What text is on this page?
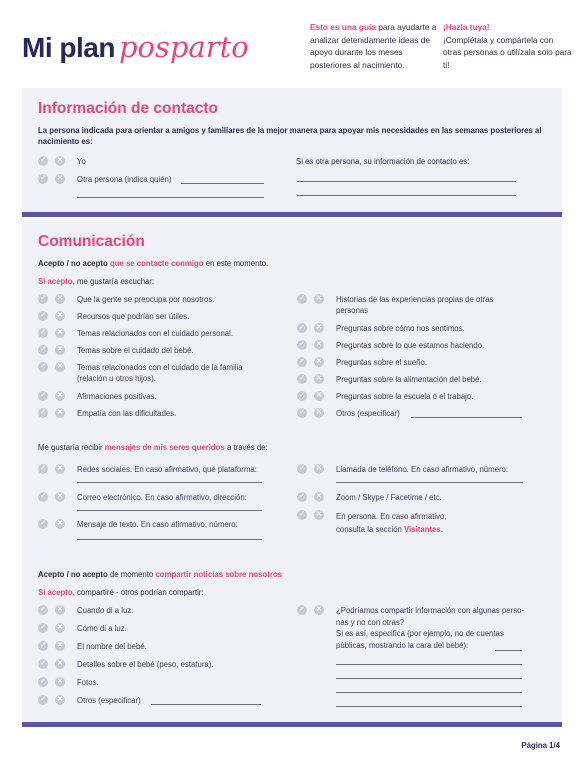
Mi plan posparto
Esto es una guía para ayudarte a analizar detenidamente ideas de apoyo durante los meses posteriores al nacimiento.
¡Hazla tuya!
¡Complétala y compártela con otras personas o utilízala solo para ti!
Información de contacto
La persona indicada para orientar a amigos y familiares de la mejor manera para apoyar mis necesidades en las semanas posteriores al nacimiento es:
✓ ✕ Yo
✓ ✕ Otra persona (indica quién)
Si es otra persona, su información de contacto es:
Comunicación
Acepto / no acepto que se contacte conmigo en este momento.
Si acepto, me gustaría escuchar:
✓ ✕ Que la gente se preocupa por nosotros.
✓ ✕ Recursos que podrían ser útiles.
✓ ✕ Temas relacionados con el cuidado personal.
✓ ✕ Temas sobre el cuidado del bebé.
✓ ✕ Temas relacionados con el cuidado de la familia (relación u otros hijos).
✓ ✕ Afirmaciones positivas.
✓ ✕ Empatía con las dificultades.
✓ ✕ Historias de las experiencias propias de otras personas
✓ ✕ Preguntas sobre cómo nos sentimos.
✓ ✕ Preguntas sobre lo que estamos haciendo.
✓ ✕ Preguntas sobre el sueño.
✓ ✕ Preguntas sobre la alimentación del bebé.
✓ ✕ Preguntas sobre la escuela o el trabajo.
✓ ✕ Otros (especificar)
Me gustaría recibir mensajes de mis seres queridos a través de:
✓ ✕ Redes sociales. En caso afirmativo, qué plataforma:
✓ ✕ Correo electrónico. En caso afirmativo, dirección:
✓ ✕ Mensaje de texto. En caso afirmativo, número:
✓ ✕ Llamada de teléfono. En caso afirmativo, número:
✓ ✕ Zoom / Skype / Facetime / etc.
✓ ✕ En persona. En caso afirmativo,
consulta la sección Visitantes.
Acepto / no acepto de momento compartir noticias sobre nosotros
Si acepto, compartiré - otros podrían compartir:
✓ ✕ Cuando di a luz.
✓ ✕ Cómo di a luz.
✓ ✕ El nombre del bebé.
✓ ✕ Detalles sobre el bebé (peso, estatura).
✓ ✕ Fotos.
✓ ✕ Otros (especificar)
✓ ✕ ¿Podríamos compartir información con algunas perso-
nas y no con otras?
Si es así, especifica (por ejemplo, no de cuentas
públicas, mostrando la cara del bebé):
Página 1/4
